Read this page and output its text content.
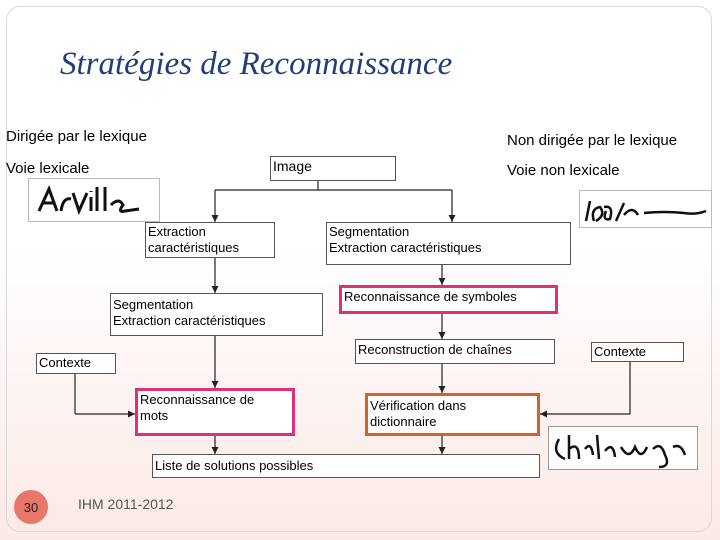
Stratégies de Reconnaissance
Dirigée par le lexique	Non dirigée par le lexique
Voie lexicale	Voie non lexicale
Image
Extraction
caractéristiques
Segmentation
Extraction caractéristiques
Segmentation
Extraction caractéristiques
Reconnaissance de symboles
Contexte
Reconstruction de chaînes	Contexte
Reconnaissance de
mots
Vérification dans
dictionnaire
Liste de solutions possibles
30	IHM 2011-2012
